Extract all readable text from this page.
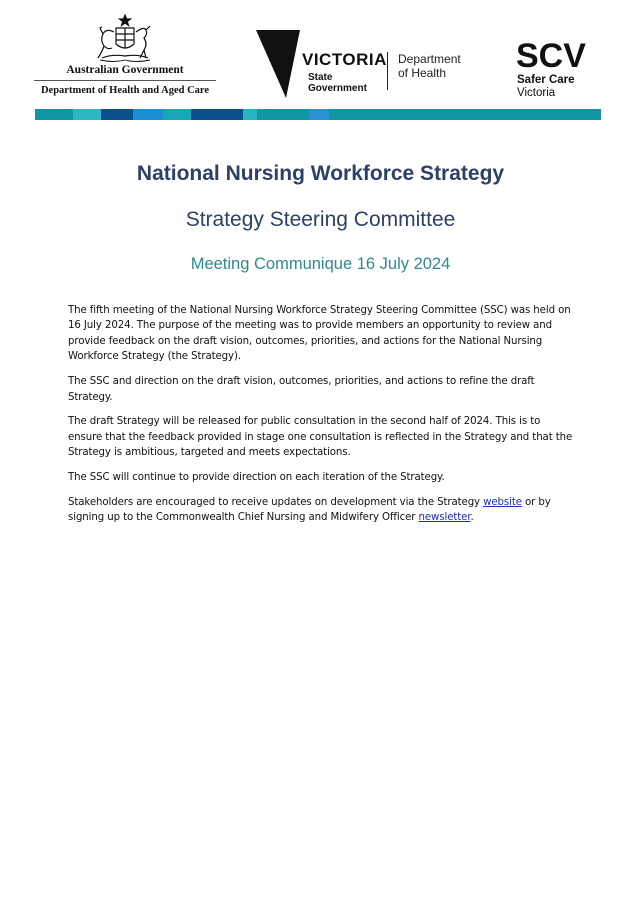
Australian Government
Department of Health and Aged Care
VICTORIA
State
Government
Department
of Health SCV
Safer Care
Victoria
National Nursing Workforce Strategy
Strategy Steering Committee
Meeting Communique 16 July 2024

The fifth meeting of the National Nursing Workforce Strategy Steering Committee (SSC) was held on 16 July 2024. The purpose of the meeting was to provide members an opportunity to review and provide feedback on the draft vision, outcomes, priorities, and actions for the National Nursing Workforce Strategy (the Strategy).

The SSC and direction on the draft vision, outcomes, priorities, and actions to refine the draft Strategy.

The draft Strategy will be released for public consultation in the second half of 2024. This is to ensure that the feedback provided in stage one consultation is reflected in the Strategy and that the Strategy is ambitious, targeted and meets expectations.

The SSC will continue to provide direction on each iteration of the Strategy.

Stakeholders are encouraged to receive updates on development via the Strategy website or by signing up to the Commonwealth Chief Nursing and Midwifery Officer newsletter.
